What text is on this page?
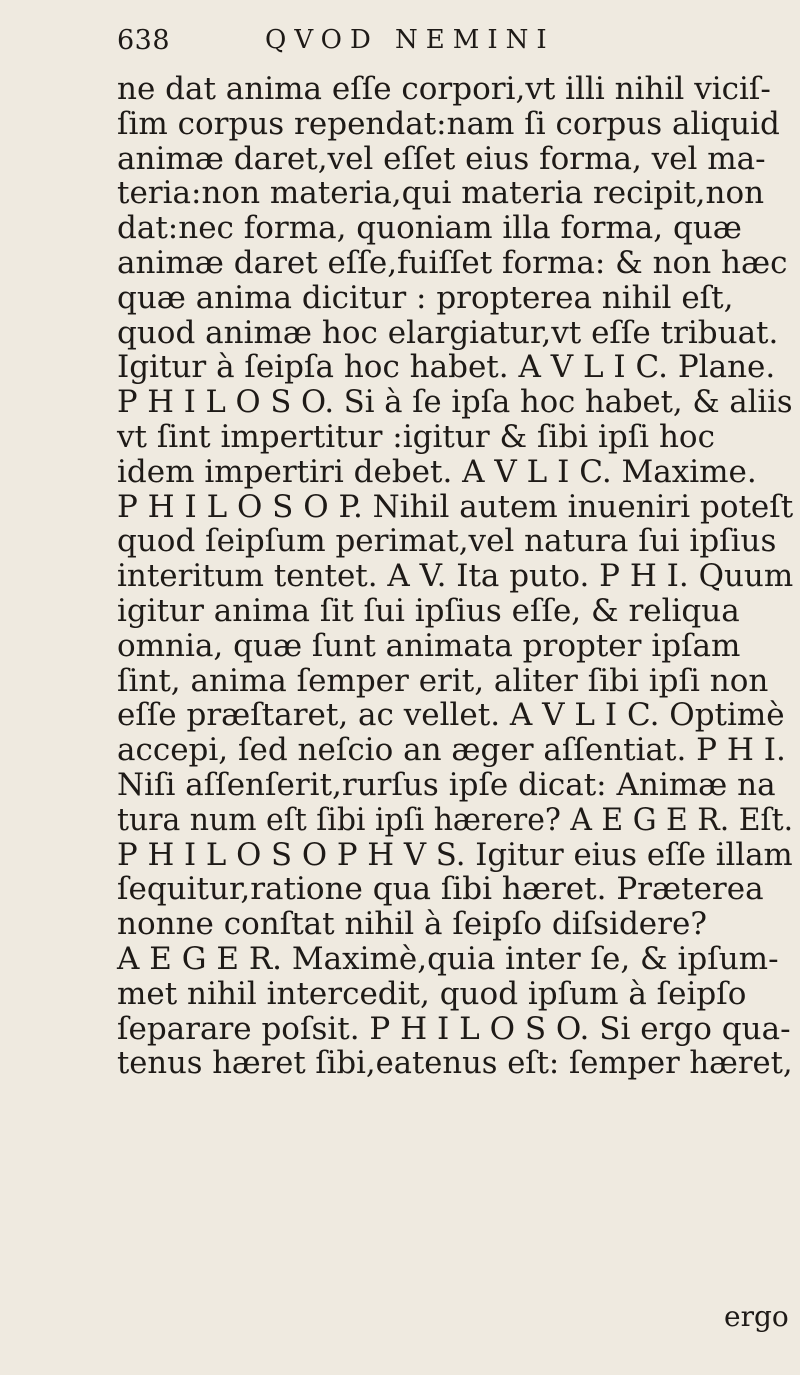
638	QVOD NEMINI
ne dat anima eſſe corpori,vt illi nihil viciſ-
ſim corpus rependat:nam ſi corpus aliquid
animæ daret,vel eſſet eius forma, vel ma-
teria:non materia,qui materia recipit,non
dat:nec forma, quoniam illa forma, quæ
animæ daret eſſe,fuiſſet forma: & non hæc
quæ anima dicitur : propterea nihil eſt,
quod animæ hoc elargiatur,vt eſſe tribuat.
Igitur à ſeipſa hoc habet. A V L I C. Plane.
P H I L O S O. Si à ſe ipſa hoc habet, & aliis
vt ſint impertitur :igitur & ſibi ipſi hoc
idem impertiri debet. A V L I C. Maxime.
P H I L O S O P. Nihil autem inueniri poteſt
quod ſeipſum perimat,vel natura ſui ipſius
interitum tentet. A V. Ita puto. P H I. Quum
igitur anima ſit ſui ipſius eſſe, & reliqua
omnia, quæ ſunt animata propter ipſam
ſint, anima ſemper erit, aliter ſibi ipſi non
eſſe præſtaret, ac vellet. A V L I C. Optimè
accepi, ſed neſcio an æger aſſentiat. P H I.
Niſi aſſenſerit,rurſus ipſe dicat: Animæ na
tura num eſt ſibi ipſi hærere? A E G E R. Eſt.
P H I L O S O P H V S. Igitur eius eſſe illam
ſequitur,ratione qua ſibi hæret. Præterea
nonne conſtat nihil à ſeipſo diſsidere?
A E G E R. Maximè,quia inter ſe, & ipſum-
met nihil intercedit, quod ipſum à ſeipſo
ſeparare poſsit. P H I L O S O. Si ergo qua-
tenus hæret ſibi,eatenus eſt: ſemper hæret,
ergo
